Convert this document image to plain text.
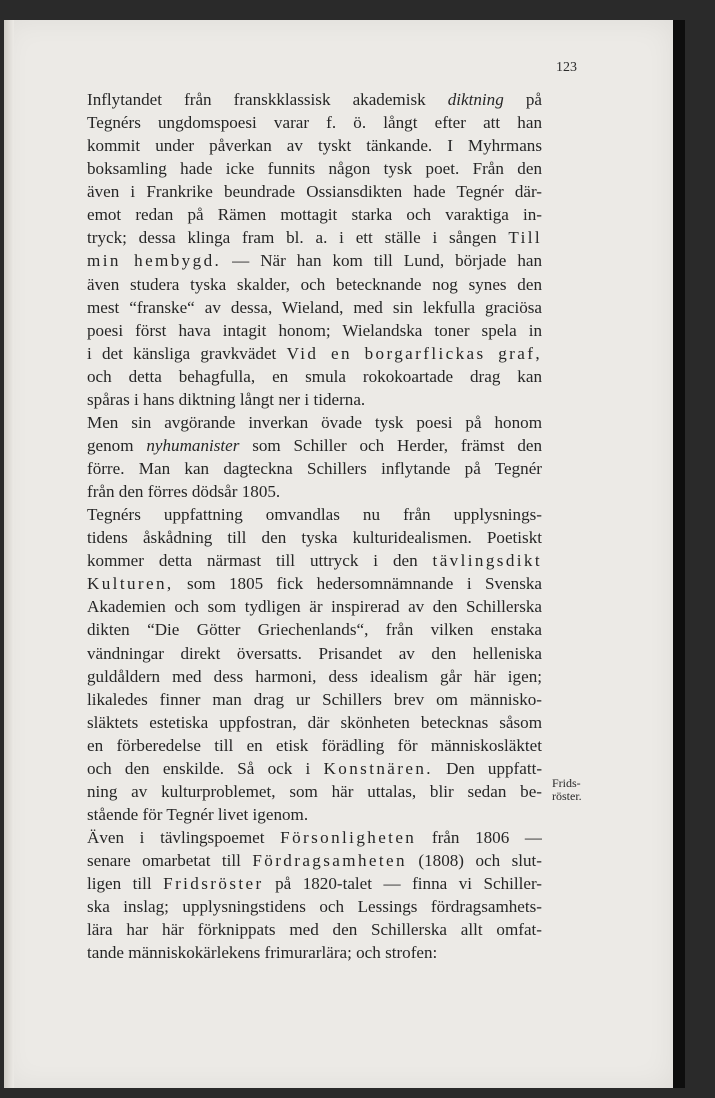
123
Inflytandet från franskklassisk akademisk diktning på
Tegnérs ungdomspoesi varar f. ö. långt efter att han
kommit under påverkan av tyskt tänkande. I Myhrmans
boksamling hade icke funnits någon tysk poet. Från den
även i Frankrike beundrade Ossiansdikten hade Tegnér där-
emot redan på Rämen mottagit starka och varaktiga in-
tryck; dessa klinga fram bl. a. i ett ställe i sången Till
min hembygd. — När han kom till Lund, började han
även studera tyska skalder, och betecknande nog synes den
mest “franske“ av dessa, Wieland, med sin lekfulla graciösa
poesi först hava intagit honom; Wielandska toner spela in
i det känsliga gravkvädet Vid en borgarflickas graf,
och detta behagfulla, en smula rokokoartade drag kan
spåras i hans diktning långt ner i tiderna.
Men sin avgörande inverkan övade tysk poesi på honom
genom nyhumanister som Schiller och Herder, främst den
förre. Man kan dagteckna Schillers inflytande på Tegnér
från den förres dödsår 1805.
Tegnérs uppfattning omvandlas nu från upplysnings-
tidens åskådning till den tyska kulturidealismen. Poetiskt
kommer detta närmast till uttryck i den tävlingsdikt
Kulturen, som 1805 fick hedersomnämnande i Svenska
Akademien och som tydligen är inspirerad av den Schillerska
dikten “Die Götter Griechenlands“, från vilken enstaka
vändningar direkt översatts. Prisandet av den helleniska
guldåldern med dess harmoni, dess idealism går här igen;
likaledes finner man drag ur Schillers brev om människo-
släktets estetiska uppfostran, där skönheten betecknas såsom
en förberedelse till en etisk förädling för människosläktet
och den enskilde. Så ock i Konstnären. Den uppfatt-
ning av kulturproblemet, som här uttalas, blir sedan be-
stående för Tegnér livet igenom.
Även i tävlingspoemet Försonligheten från 1806 —
senare omarbetat till Fördragsamheten (1808) och slut-
ligen till Fridsröster på 1820-talet — finna vi Schiller-
ska inslag; upplysningstidens och Lessings fördragsamhets-
lära har här förknippats med den Schillerska allt omfat-
tande människokärlekens frimurarlära; och strofen:
Frids-
röster.
